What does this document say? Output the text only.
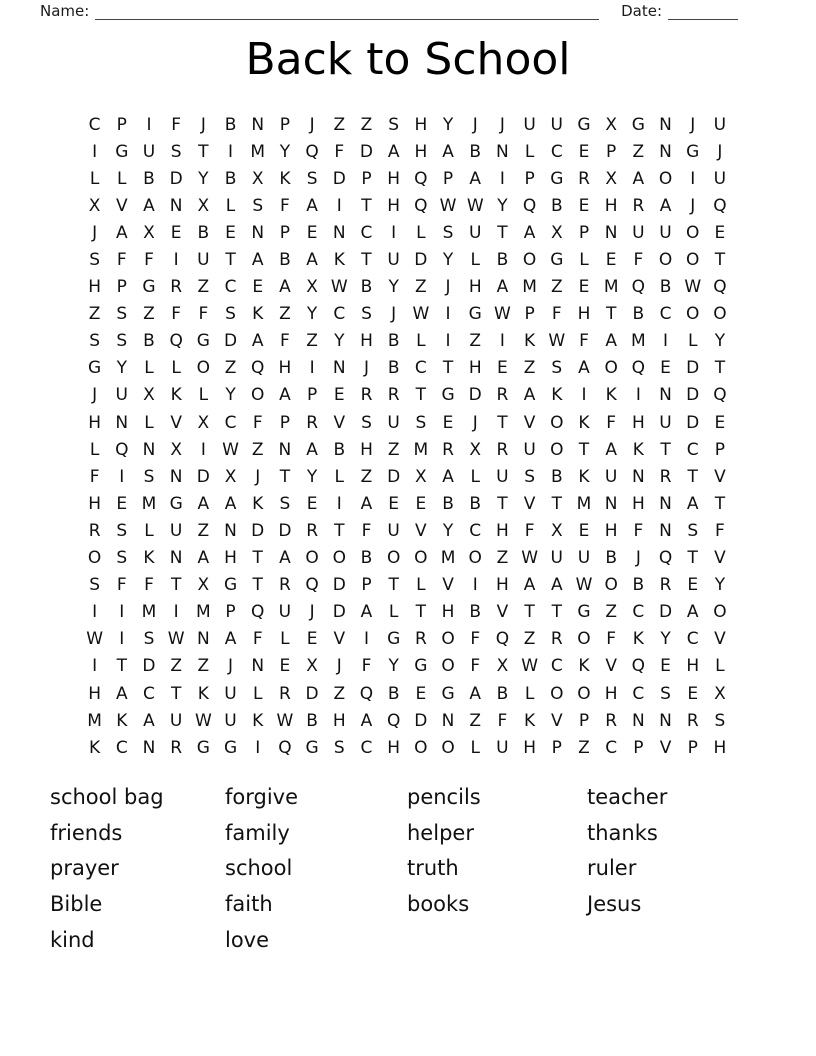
Name:	Date:
Back to School
C P	I	F	J	B N P	J	Z Z S H Y	J	J	U U G X G N	J	U
I	G U S T	I	M Y Q F D A H A B N L C E P Z N G	J
L	L B D Y B X K S D P H Q P A	I	P G R X A O	I	U
X V A N X L	S F A	I	T H Q W W Y Q B E H R A	J	Q
J	A X E B E N P E N C	I	L	S U T A X P N U U O E
S F	F	I	U T A B A K T U D Y	L B O G L	E F O O T
H P G R Z C E A X W B Y Z	J	H A M Z E M Q B W Q
Z S Z F	F S K Z Y C S	J W I	G W P	F H T B C O O
S S B Q G D A F Z Y H B L	I	Z	I	K W F A M	I	L	Y
G Y	L	L O Z Q H	I	N	J	B C T H E Z S A O Q E D T
J	U X K L	Y O A P E R R T G D R A K	I	K	I	N D Q
H N L V X C F	P R V S U S E	J	T V O K F H U D E
L Q N X	I W Z N A B H Z M R X R U O T A K T C P
F	I	S N D X	J	T Y	L Z D X A L U S B K U N R T V
H E M G A A K S E	I	A E E B B T V T M N H N A T
R S	L U Z N D D R T	F U V Y C H F X E H F N S F
O S K N A H T A O O B O O M O Z W U U B	J	Q T V
S F	F	T X G T R Q D P T	L V	I	H A A W O B R E Y
I	I	M	I	M P Q U	J	D A L	T H B V T T G Z C D A O
W I	S W N A F	L	E V	I	G R O F Q Z R O F K Y C V
I	T D Z Z	J	N E X	J	F	Y G O F X W C K V Q E H L
H A C T K U L R D Z Q B E G A B L O O H C S E X
M K A U W U K W B H A Q D N Z F K V P R N N R S
K C N R G G	I	Q G S C H O O L U H P Z C P V P H
school bag
friends
prayer
Bible
kind
forgive
family
school
faith
love
pencils
helper
truth
books
teacher
thanks
ruler
Jesus
